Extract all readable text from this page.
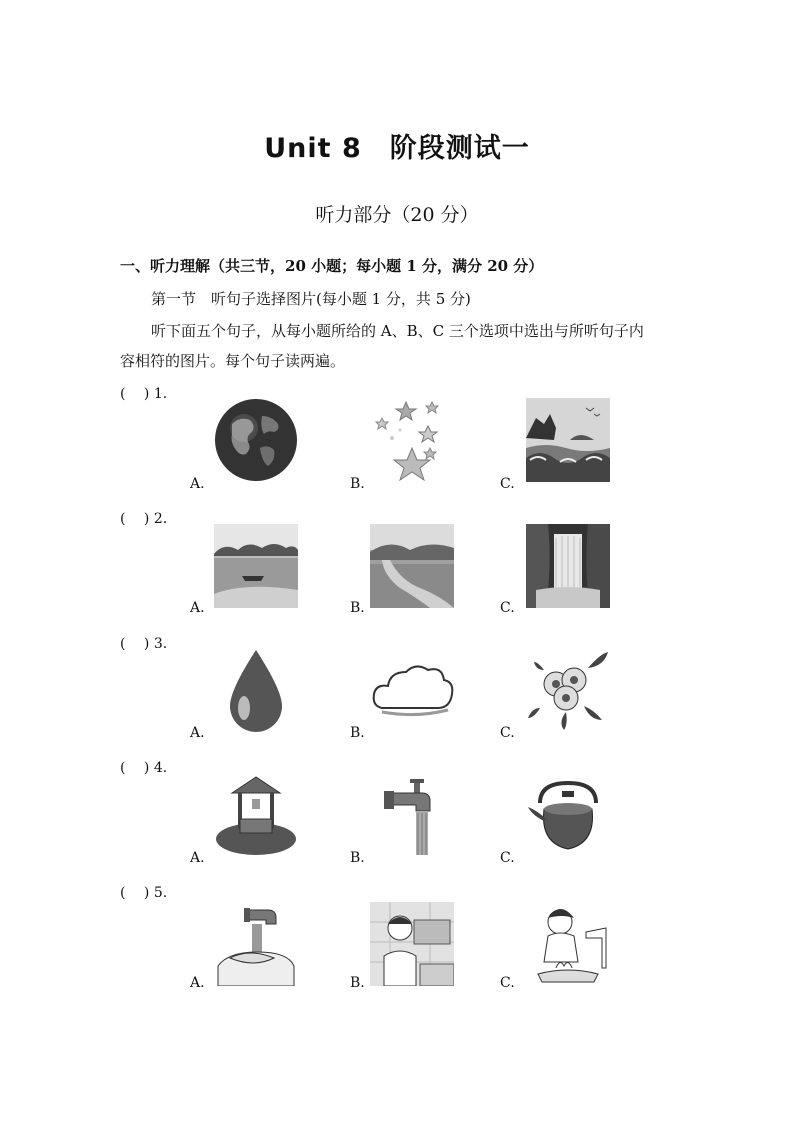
Unit 8　阶段测试一
听力部分（20 分）
一、听力理解（共三节，20 小题；每小题 1 分，满分 20 分）
第一节　听句子选择图片(每小题 1 分，共 5 分)
听下面五个句子，从每小题所给的 A、B、C 三个选项中选出与所听句子内
容相符的图片。每个句子读两遍。
(　 ) 1.
A.	B.	C.
(　 ) 2.
A.	B.	C.
(　 ) 3.
A.	B.	C.
(　 ) 4.
A.	B.	C.
(　 ) 5.
A.	B.	C.
